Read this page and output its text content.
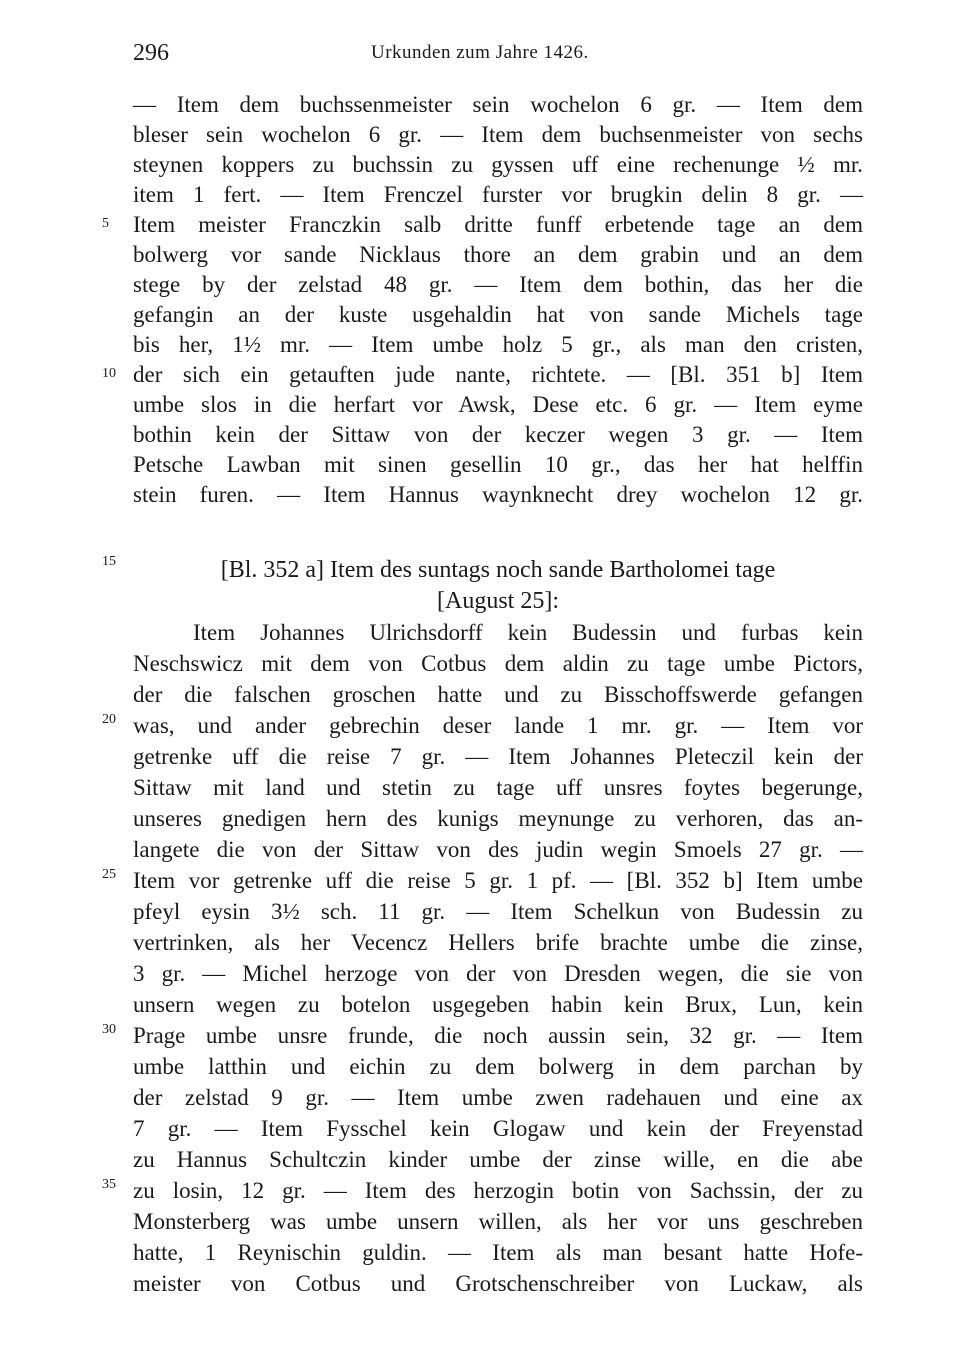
296	Urkunden zum Jahre 1426.
— Item dem buchssenmeister sein wochelon 6 gr. — Item dem
bleser sein wochelon 6 gr. — Item dem buchsenmeister von sechs
steynen koppers zu buchssin zu gyssen uff eine rechenunge ½ mr.
item 1 fert. — Item Frenczel furster vor brugkin delin 8 gr. —
Item meister Franczkin salb dritte funff erbetende tage an dem
bolwerg vor sande Nicklaus thore an dem grabin und an dem
stege by der zelstad 48 gr. — Item dem bothin, das her die
gefangin an der kuste usgehaldin hat von sande Michels tage
bis her, 1½ mr. — Item umbe holz 5 gr., als man den cristen,
der sich ein getauften jude nante, richtete. — [Bl. 351 b] Item
umbe slos in die herfart vor Awsk, Dese etc. 6 gr. — Item eyme
bothin kein der Sittaw von der keczer wegen 3 gr. — Item
Petsche Lawban mit sinen gesellin 10 gr., das her hat helffin
stein furen. — Item Hannus waynknecht drey wochelon 12 gr.
[Bl. 352 a] Item des suntags noch sande Bartholomei tage
[August 25]:
Item Johannes Ulrichsdorff kein Budessin und furbas kein
Neschswicz mit dem von Cotbus dem aldin zu tage umbe Pictors,
der die falschen groschen hatte und zu Bisschoffswerde gefangen
was, und ander gebrechin deser lande 1 mr. gr. — Item vor
getrenke uff die reise 7 gr. — Item Johannes Pleteczil kein der
Sittaw mit land und stetin zu tage uff unsres foytes begerunge,
unseres gnedigen hern des kunigs meynunge zu verhoren, das an-
langete die von der Sittaw von des judin wegin Smoels 27 gr. —
Item vor getrenke uff die reise 5 gr. 1 pf. — [Bl. 352 b] Item umbe
pfeyl eysin 3½ sch. 11 gr. — Item Schelkun von Budessin zu
vertrinken, als her Vecencz Hellers brife brachte umbe die zinse,
3 gr. — Michel herzoge von der von Dresden wegen, die sie von
unsern wegen zu botelon usgegeben habin kein Brux, Lun, kein
Prage umbe unsre frunde, die noch aussin sein, 32 gr. — Item
umbe latthin und eichin zu dem bolwerg in dem parchan by
der zelstad 9 gr. — Item umbe zwen radehauen und eine ax
7 gr. — Item Fysschel kein Glogaw und kein der Freyenstad
zu Hannus Schultczin kinder umbe der zinse wille, en die abe
zu losin, 12 gr. — Item des herzogin botin von Sachssin, der zu
Monsterberg was umbe unsern willen, als her vor uns geschreben
hatte, 1 Reynischin guldin. — Item als man besant hatte Hofe-
meister von Cotbus und Grotschenschreiber von Luckaw, als
5
10
15
20
25
30
35
